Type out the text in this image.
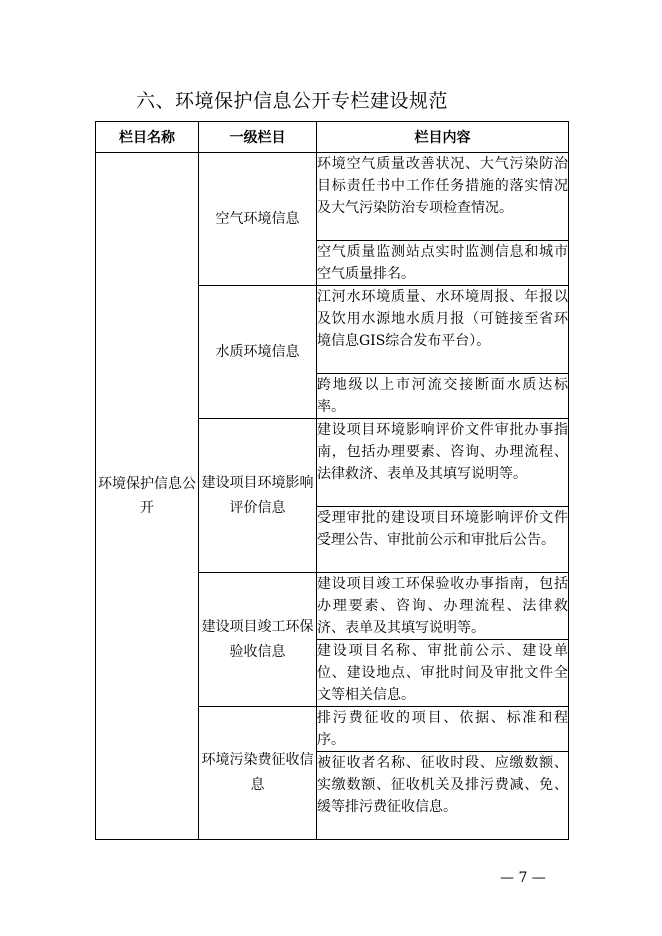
六、环境保护信息公开专栏建设规范
栏目名称	一级栏目	栏目内容
环境保护信息公开	空气环境信息	环境空气质量改善状况、大气污染防治目标责任书中工作任务措施的落实情况及大气污染防治专项检查情况。
		空气质量监测站点实时监测信息和城市空气质量排名。
	水质环境信息	江河水环境质量、水环境周报、年报以及饮用水源地水质月报（可链接至省环境信息GIS综合发布平台）。
		跨地级以上市河流交接断面水质达标率。
	建设项目环境影响评价信息	建设项目环境影响评价文件审批办事指南，包括办理要素、咨询、办理流程、法律救济、表单及其填写说明等。
		受理审批的建设项目环境影响评价文件受理公告、审批前公示和审批后公告。
	建设项目竣工环保验收信息	建设项目竣工环保验收办事指南，包括办理要素、咨询、办理流程、法律救济、表单及其填写说明等。
		建设项目名称、审批前公示、建设单位、建设地点、审批时间及审批文件全文等相关信息。
	环境污染费征收信息	排污费征收的项目、依据、标准和程序。
		被征收者名称、征收时段、应缴数额、实缴数额、征收机关及排污费减、免、缓等排污费征收信息。
— 7 —
